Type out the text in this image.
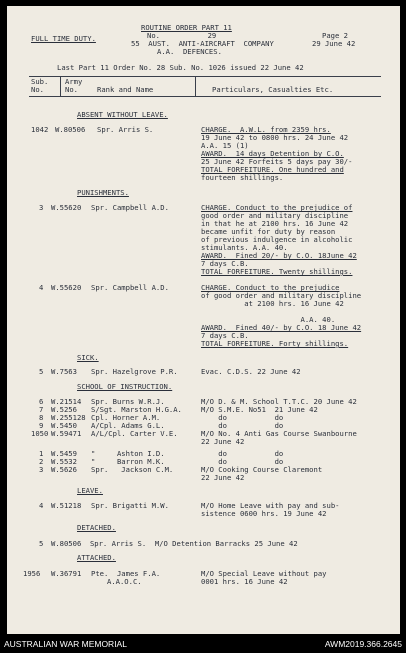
FULL TIME DUTY.
ROUTINE ORDER PART 11
No.           29	Page 2
55  AUST.  ANTI-AIRCRAFT  COMPANY	29 June 42
A.A.  DEFENCES.
Last Part 11 Order No. 28 Sub. No. 1026 issued 22 June 42
Sub.
No.
Army
No.	Rank and Name	Particulars, Casualties Etc.
ABSENT WITHOUT LEAVE.
1042 W.80506 Spr. Arris S.	CHARGE.  A.W.L. from 2359 hrs.
19 June 42 to 0800 hrs. 24 June 42
A.A. 15 (1)
AWARD.  14 days Detention by C.O.
25 June 42 Forfeits 5 days pay 30/-
TOTAL FORFEITURE. One hundred and
fourteen shillings.
PUNISHMENTS.
3 W.55620 Spr. Campbell A.D.	CHARGE. Conduct to the prejudice of
good order and military discipline
in that he at 2100 hrs. 16 June 42
became unfit for duty by reason
of previous indulgence in alcoholic
stimulants. A.A. 40.
AWARD.  Fined 20/- by C.O. 18June 42
7 days C.B.
TOTAL FORFEITURE. Twenty shillings.
4 W.55620 Spr. Campbell A.D.	CHARGE. Conduct to the prejudice
of good order and military discipline
at 2100 hrs. 16 June 42
A.A. 40.
AWARD.  Fined 40/- by C.O. 18 June 42
7 days C.B.
TOTAL FORFEITURE. Forty shillings.
SICK.
5 W.7563 Spr. Hazelgrove P.R.	Evac. C.D.S. 22 June 42
SCHOOL OF INSTRUCTION.
6 W.21514 Spr. Burns W.R.J.	M/O D. & M. School T.T.C. 20 June 42
7 W.5256 S/Sgt. Marston H.G.A.	M/O S.M.E. No51  21 June 42
8 W.255128 Cpl. Horner A.M.	do           do
9 W.5450 A/Cpl. Adams G.L.	do           do
1050 W.59471 A/L/Cpl. Carter V.E.	M/O No. 4 Anti Gas Course Swanbourne
22 June 42
1 W.5459 "     Ashton I.D.	do           do
2 W.5532 "     Barron M.K.	do           do
3 W.5626 Spr.   Jackson C.M.	M/O Cooking Course Claremont
22 June 42
LEAVE.
4 W.51218 Spr. Brigatti M.W.	M/O Home Leave with pay and sub-
sistence 0600 hrs. 19 June 42
DETACHED.
5 W.80506  Spr. Arris S.  M/O Detention Barracks 25 June 42
ATTACHED.
1956 W.36791 Pte.  James F.A.
A.A.O.C.
M/O Special Leave without pay
0001 hrs. 16 June 42
AUSTRALIAN WAR MEMORIAL	AWM2019.366.2645
